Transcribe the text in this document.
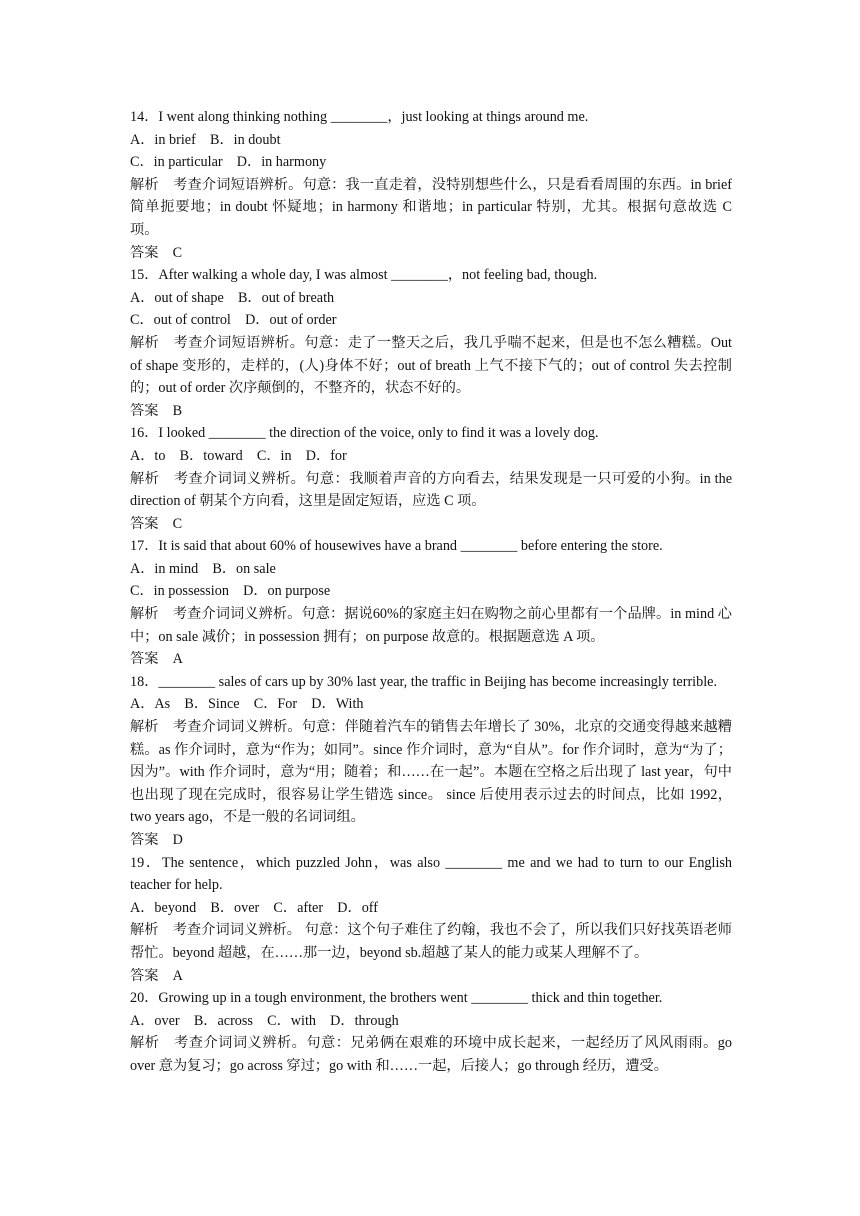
14．I went along thinking nothing ________，just looking at things around me.
A．in brief　B．in doubt
C．in particular　D．in harmony
解析　考查介词短语辨析。句意：我一直走着，没特别想些什么，只是看看周围的东西。in brief 简单扼要地；in doubt 怀疑地；in harmony 和谐地；in particular 特别，尤其。根据句意故选 C 项。
答案　C
15．After walking a whole day, I was almost ________，not feeling bad, though.
A．out of shape　B．out of breath
C．out of control　D．out of order
解析　考查介词短语辨析。句意：走了一整天之后，我几乎喘不起来，但是也不怎么糟糕。Out of shape 变形的，走样的，(人)身体不好；out of breath 上气不接下气的；out of control 失去控制的；out of order 次序颠倒的，不整齐的，状态不好的。
答案　B
16．I looked ________ the direction of the voice, only to find it was a lovely dog.
A．to　B．toward　C．in　D．for
解析　考查介词词义辨析。句意：我顺着声音的方向看去，结果发现是一只可爱的小狗。in the direction of 朝某个方向看，这里是固定短语，应选 C 项。
答案　C
17．It is said that about 60% of housewives have a brand ________ before entering the store.
A．in mind　B．on sale
C．in possession　D．on purpose
解析　考查介词词义辨析。句意：据说60%的家庭主妇在购物之前心里都有一个品牌。in mind 心中；on sale 减价；in possession 拥有；on purpose 故意的。根据题意选 A 项。
答案　A
18．________ sales of cars up by 30% last year, the traffic in Beijing has become increasingly terrible.
A．As　B．Since　C．For　D．With
解析　考查介词词义辨析。句意：伴随着汽车的销售去年增长了 30%，北京的交通变得越来越糟糕。as 作介词时，意为“作为；如同”。since 作介词时，意为“自从”。for 作介词时，意为“为了；因为”。with 作介词时，意为“用；随着；和……在一起”。本题在空格之后出现了 last year，句中也出现了现在完成时，很容易让学生错选 since。 since 后使用表示过去的时间点，比如 1992，two years ago，不是一般的名词词组。
答案　D
19．The sentence，which puzzled John，was also ________ me and we had to turn to our English teacher for help.
A．beyond　B．over　C．after　D．off
解析　考查介词词义辨析。 句意：这个句子难住了约翰，我也不会了，所以我们只好找英语老师帮忙。beyond 超越，在……那一边，beyond sb.超越了某人的能力或某人理解不了。
答案　A
20．Growing up in a tough environment, the brothers went ________ thick and thin together.
A．over　B．across　C．with　D．through
解析　考查介词词义辨析。句意：兄弟俩在艰难的环境中成长起来，一起经历了风风雨雨。go over 意为复习；go across 穿过；go with 和……一起，后接人；go through 经历，遭受。
